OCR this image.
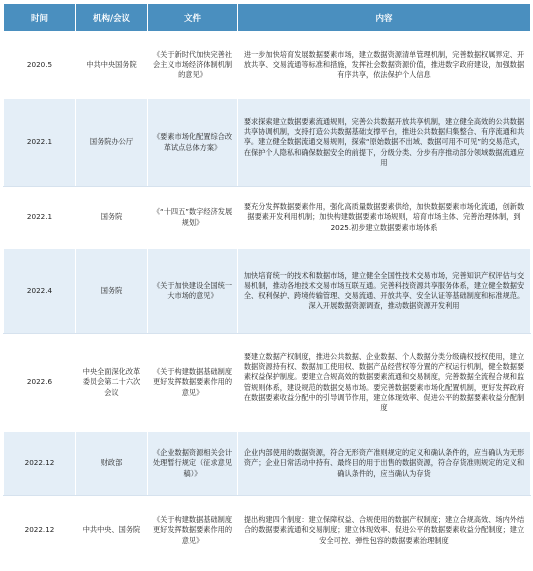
时间	机构/会议	文件	内容
2020.5	中共中央国务院	《关于新时代加快完善社会主义市场经济体制机制的意见》	进一步加快培育发展数据要素市场，建立数据资源清单管理机制，完善数据权属界定、开放共享、交易流通等标准和措施，发挥社会数据资源价值，推进数字政府建设，加强数据有序共享，依法保护个人信息
2022.1	国务院办公厅	《要素市场化配置综合改革试点总体方案》	要求探索建立数据要素流通规则，完善公共数据开放共享机制，建立健全高效的公共数据共享协调机制，支持打造公共数据基础支撑平台，推进公共数据归集整合、有序流通和共享。建立健全数据流通交易规则，探索“原始数据不出域、数据可用不可见”的交易范式，在保护个人隐私和确保数据安全的前提下，分级分类、分步有序推动部分领域数据流通应用
2022.1	国务院	《“十四五”数字经济发展规划》	要充分发挥数据要素作用，强化高质量数据要素供给，加快数据要素市场化流通，创新数据要素开发利用机制；加快构建数据要素市场规则，培育市场主体、完善治理体制，到2025.初步建立数据要素市场体系
2022.4	国务院	《关于加快建设全国统一大市场的意见》	加快培育统一的技术和数据市场，建立健全全国性技术交易市场，完善知识产权评估与交易机制，推动各地技术交易市场互联互通。完善科技资源共享服务体系，建立健全数据安全、权利保护、跨境传输管理、交易流通、开放共享、安全认证等基础制度和标准规范。深入开展数据资源调查，推动数据资源开发利用
2022.6	中央全面深化改革委员会第二十六次会议	《关于构建数据基础制度更好发挥数据要素作用的意见》	要建立数据产权制度，推进公共数据、企业数据、个人数据分类分级确权授权使用，建立数据资源持有权、数据加工使用权、数据产品经营权等分置的产权运行机制，健全数据要素权益保护制度。要建立合规高效的数据要素流通和交易制度，完善数据全流程合规和监管规则体系，建设规范的数据交易市场。要完善数据要素市场化配置机制，更好发挥政府在数据要素收益分配中的引导调节作用，建立体现效率、促进公平的数据要素收益分配制度
2022.12	财政部	《企业数据资源相关会计处理暂行规定（征求意见稿）》	企业内部使用的数据资源，符合无形资产准则规定的定义和确认条件的，应当确认为无形资产；企业日常活动中持有、最终目的用于出售的数据资源，符合存货准则规定的定义和确认条件的，应当确认为存货
2022.12	中共中央、国务院	《关于构建数据基础制度更好发挥数据要素作用的意见》	提出构建四个制度：建立保障权益、合规使用的数据产权制度；建立合规高效、场内外结合的数据要素流通和交易制度；建立体现效率、促进公平的数据要素收益分配制度；建立安全可控、弹性包容的数据要素治理制度
